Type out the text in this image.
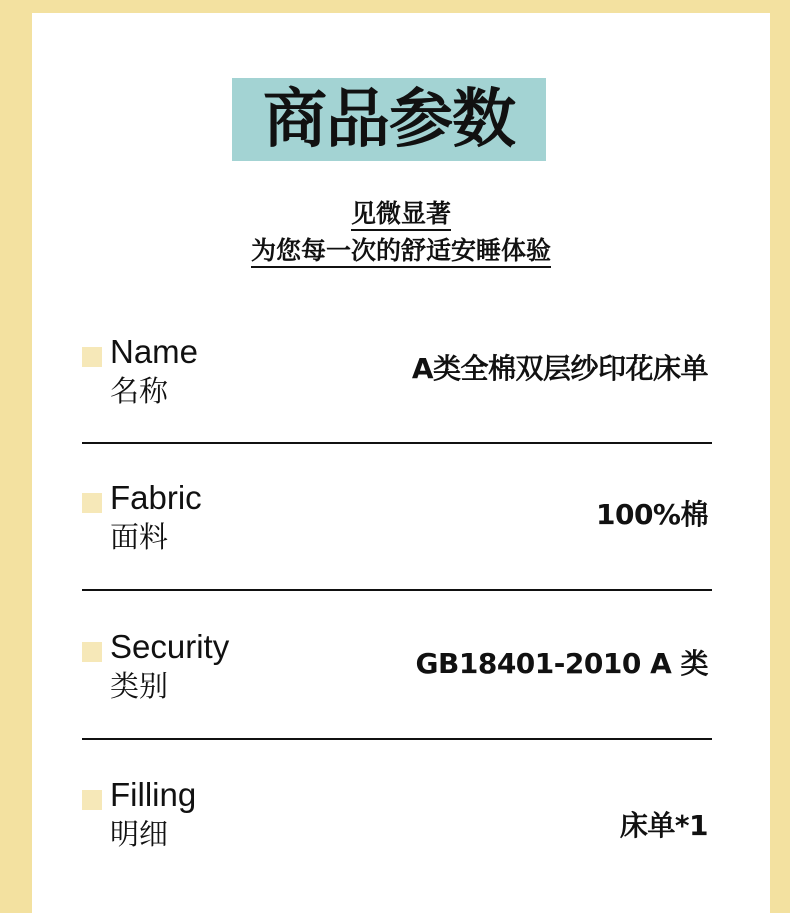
商品参数
见微显著
为您每一次的舒适安睡体验
Name
名称
A类全棉双层纱印花床单
Fabric
面料
100%棉
Security
类别
GB18401-2010 A 类
Filling
明细	床单*1
